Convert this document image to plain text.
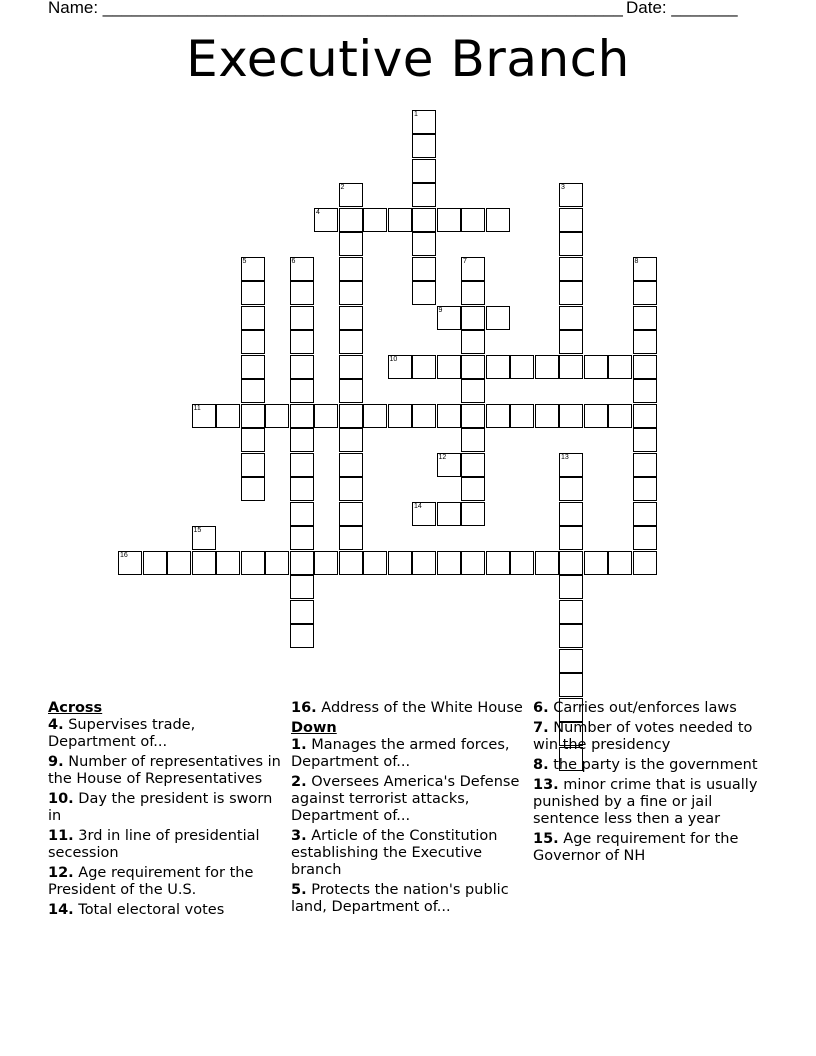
Name: _______________________________________________________ Date: _______
Executive Branch
1
2	3
4
5	6	7	8
9
10
11
12	13
14
15
16
Across
4. Supervises trade, Department of...
9. Number of representatives in the House of Representatives
10. Day the president is sworn in
11. 3rd in line of presidential secession
12. Age requirement for the President of the U.S.
14. Total electoral votes
16. Address of the White House
Down
1. Manages the armed forces, Department of...
2. Oversees America's Defense against terrorist attacks, Department of...
3. Article of the Constitution establishing the Executive branch
5. Protects the nation's public land, Department of...
6. Carries out/enforces laws
7. Number of votes needed to win the presidency
8. the party is the government
13. minor crime that is usually punished by a fine or jail sentence less then a year
15. Age requirement for the Governor of NH
